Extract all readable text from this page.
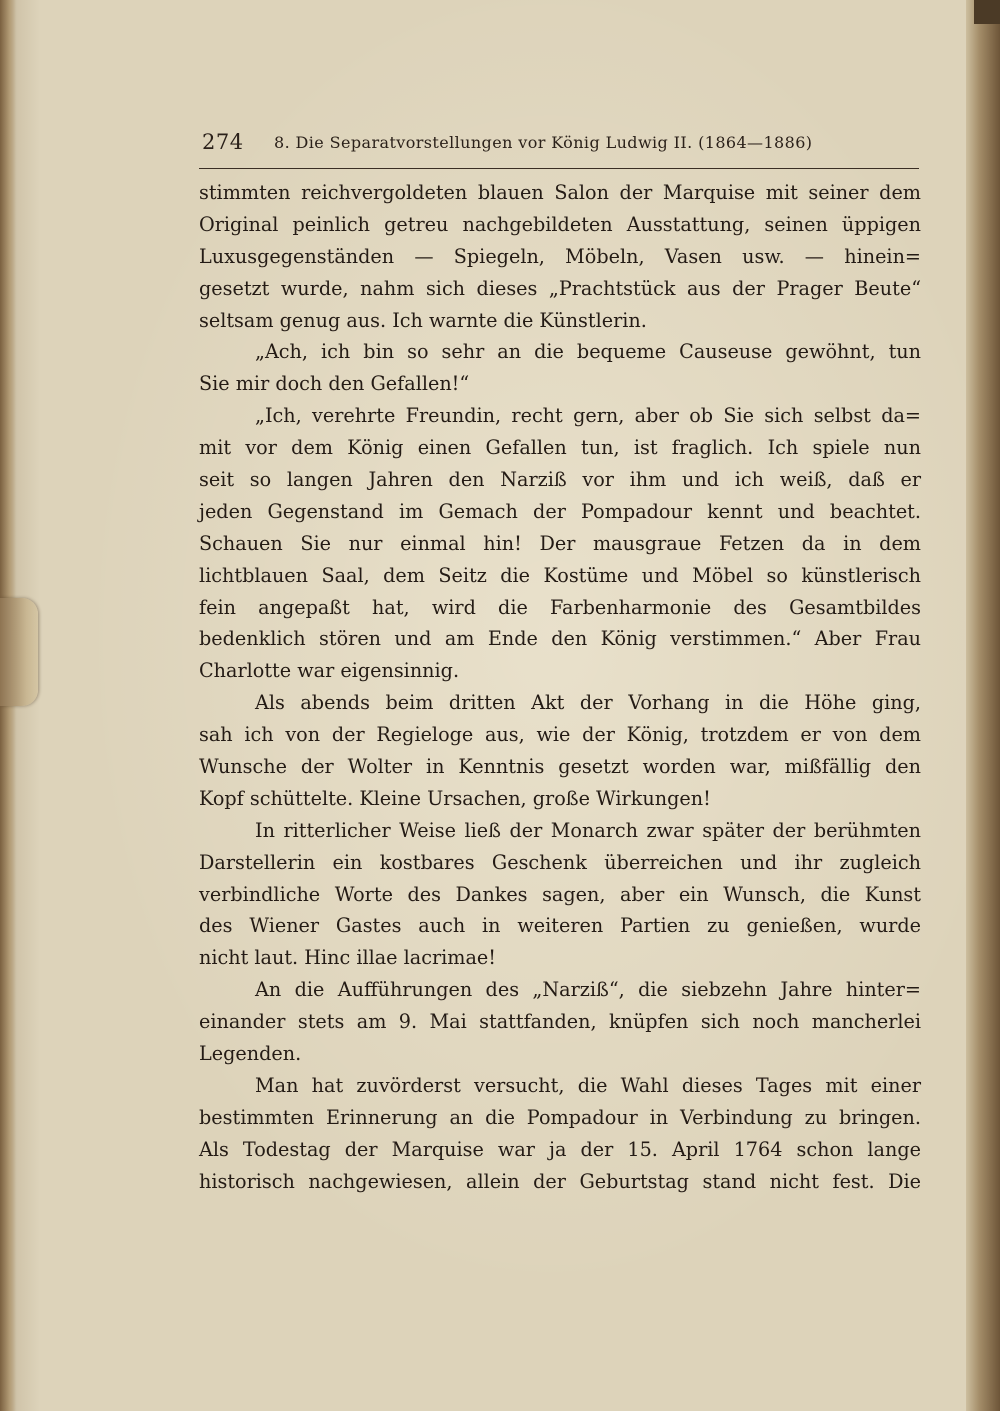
274 8. Die Separatvorstellungen vor König Ludwig II. (1864—1886)
stimmten reichvergoldeten blauen Salon der Marquise mit seiner dem
Original peinlich getreu nachgebildeten Ausstattung, seinen üppigen
Luxusgegenständen — Spiegeln, Möbeln, Vasen usw. — hinein=
gesetzt wurde, nahm sich dieses „Prachtstück aus der Prager Beute“
seltsam genug aus. Ich warnte die Künstlerin.
„Ach, ich bin so sehr an die bequeme Causeuse gewöhnt, tun
Sie mir doch den Gefallen!“
„Ich, verehrte Freundin, recht gern, aber ob Sie sich selbst da=
mit vor dem König einen Gefallen tun, ist fraglich. Ich spiele nun
seit so langen Jahren den Narziß vor ihm und ich weiß, daß er
jeden Gegenstand im Gemach der Pompadour kennt und beachtet.
Schauen Sie nur einmal hin! Der mausgraue Fetzen da in dem
lichtblauen Saal, dem Seitz die Kostüme und Möbel so künstlerisch
fein angepaßt hat, wird die Farbenharmonie des Gesamtbildes
bedenklich stören und am Ende den König verstimmen.“ Aber Frau
Charlotte war eigensinnig.
Als abends beim dritten Akt der Vorhang in die Höhe ging,
sah ich von der Regieloge aus, wie der König, trotzdem er von dem
Wunsche der Wolter in Kenntnis gesetzt worden war, mißfällig den
Kopf schüttelte. Kleine Ursachen, große Wirkungen!
In ritterlicher Weise ließ der Monarch zwar später der berühmten
Darstellerin ein kostbares Geschenk überreichen und ihr zugleich
verbindliche Worte des Dankes sagen, aber ein Wunsch, die Kunst
des Wiener Gastes auch in weiteren Partien zu genießen, wurde
nicht laut. Hinc illae lacrimae!
An die Aufführungen des „Narziß“, die siebzehn Jahre hinter=
einander stets am 9. Mai stattfanden, knüpfen sich noch mancherlei
Legenden.
Man hat zuvörderst versucht, die Wahl dieses Tages mit einer
bestimmten Erinnerung an die Pompadour in Verbindung zu bringen.
Als Todestag der Marquise war ja der 15. April 1764 schon lange
historisch nachgewiesen, allein der Geburtstag stand nicht fest. Die
